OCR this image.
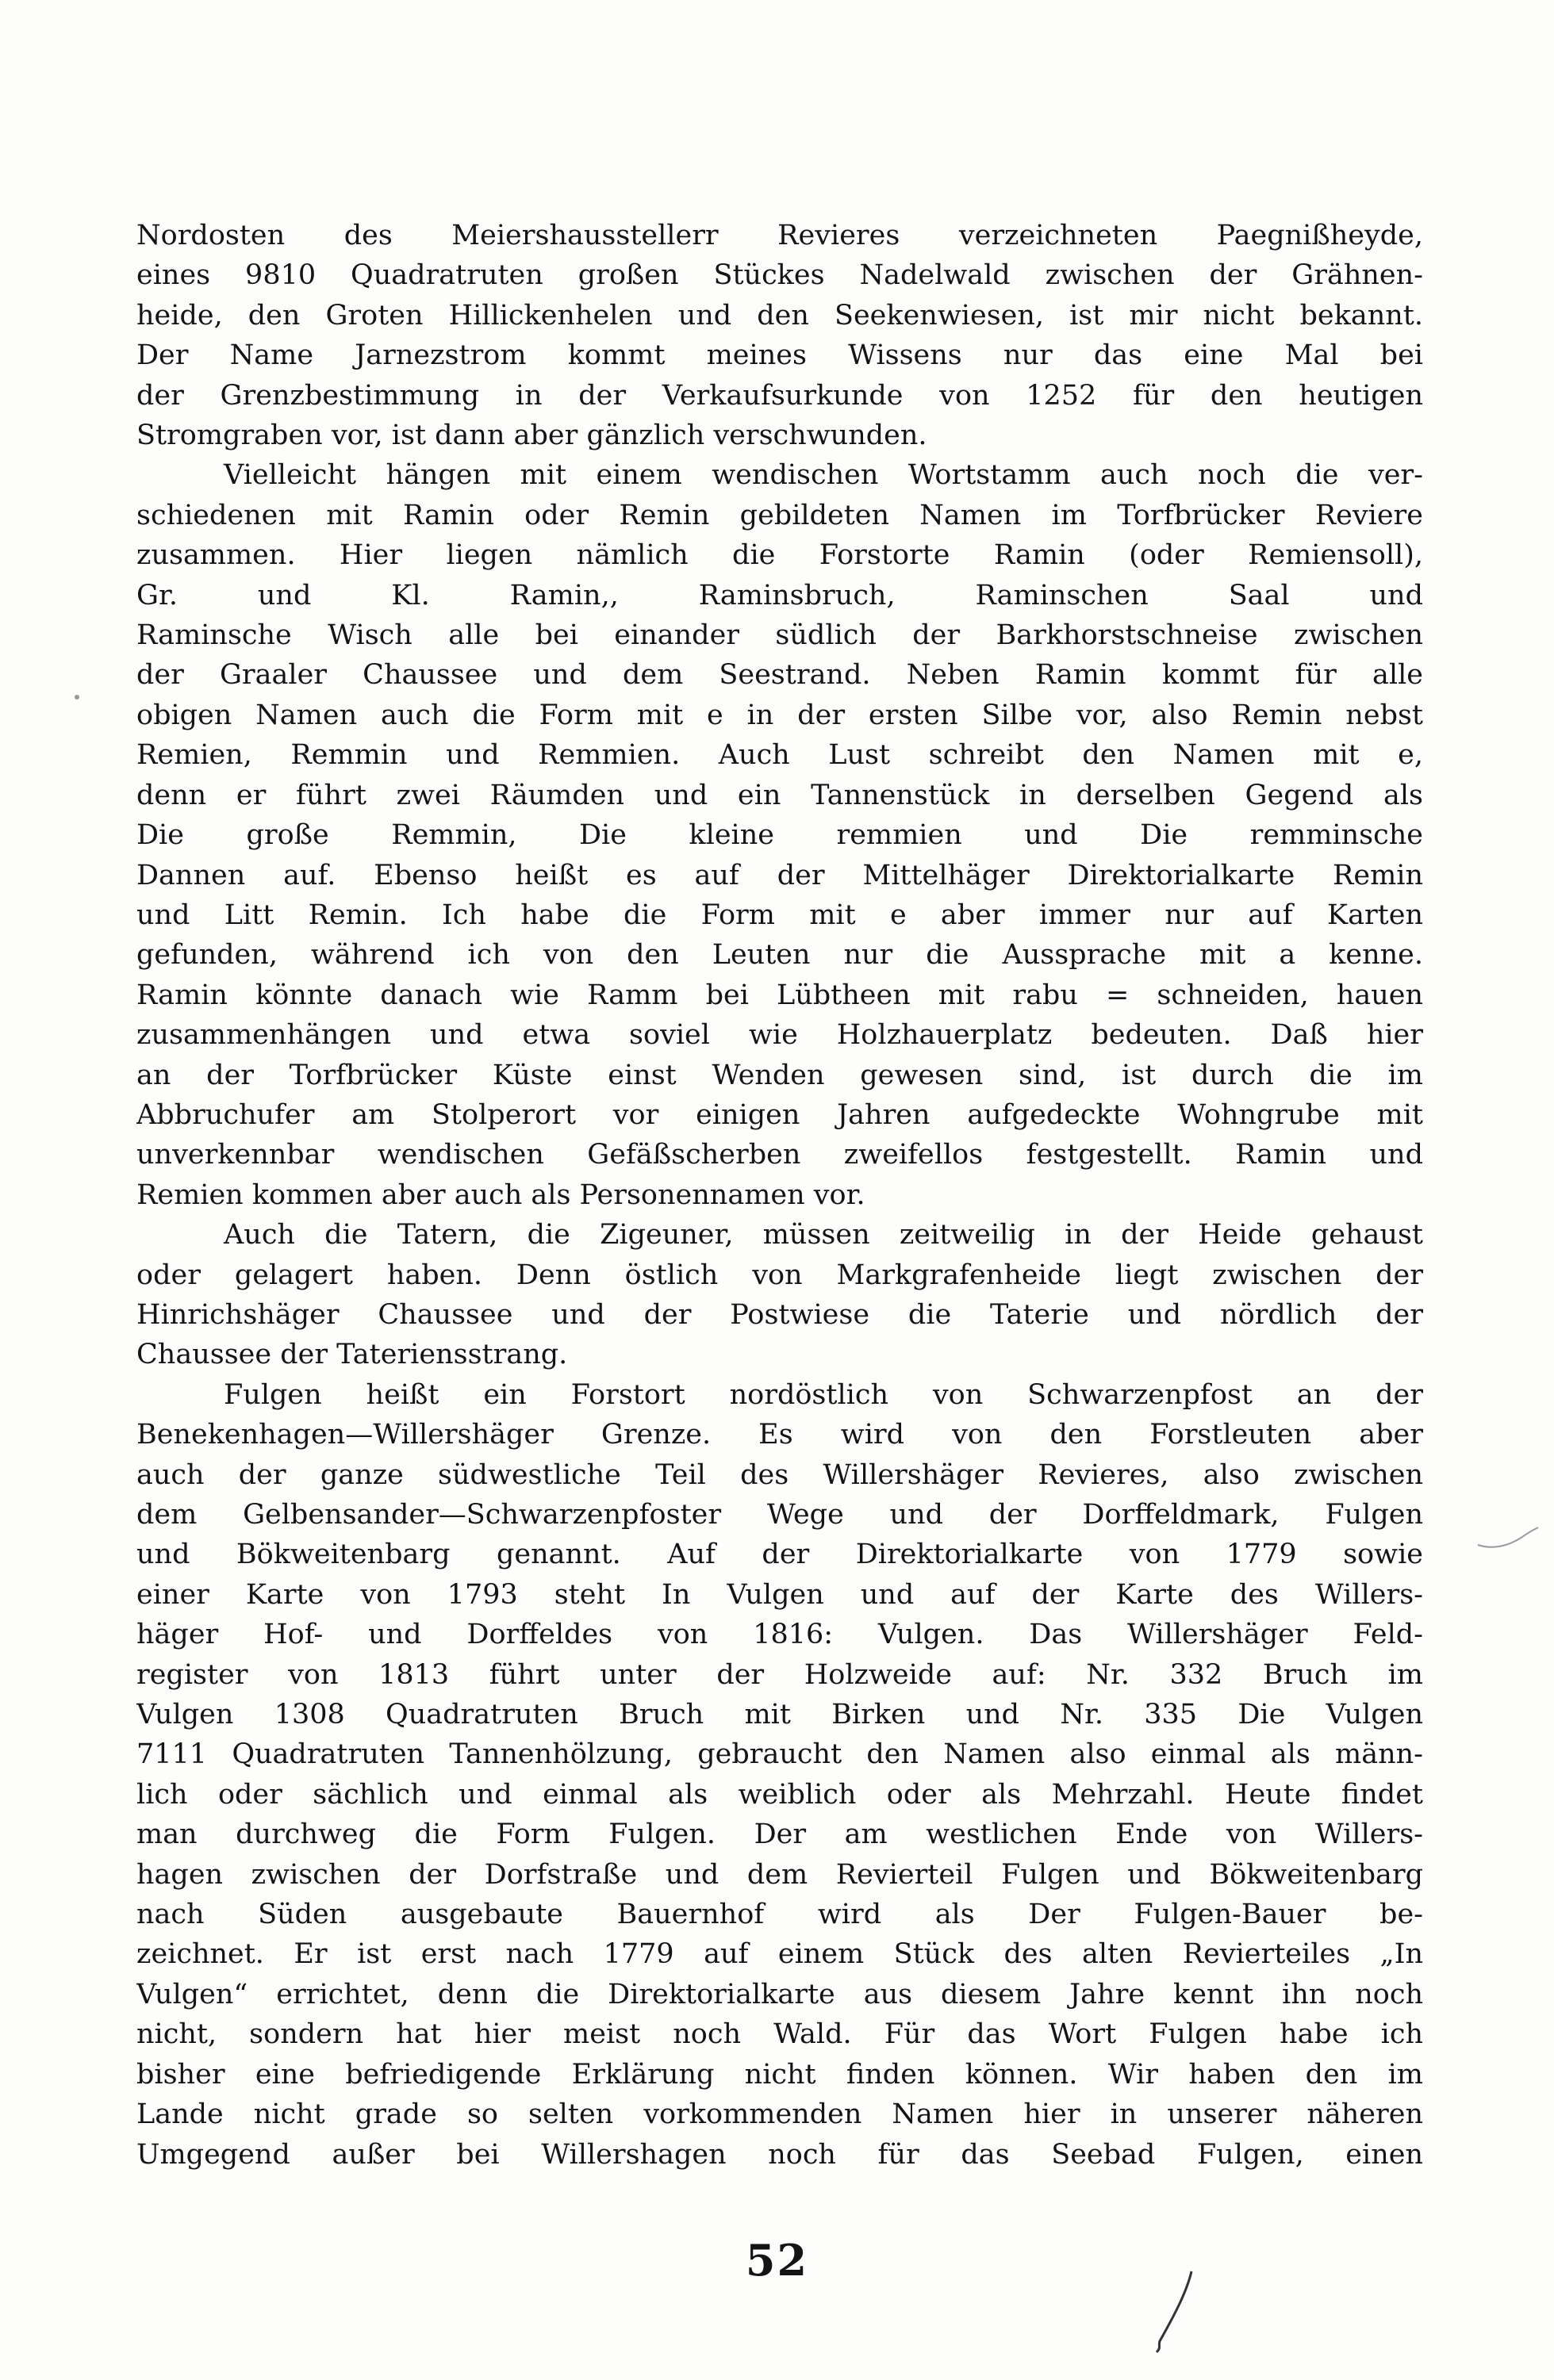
Nordosten des Meiershausstellerr Revieres verzeichneten Paegnißheyde,
eines 9810 Quadratruten großen Stückes Nadelwald zwischen der Grähnen-
heide, den Groten Hillickenhelen und den Seekenwiesen, ist mir nicht bekannt.
Der Name Jarnezstrom kommt meines Wissens nur das eine Mal bei
der Grenzbestimmung in der Verkaufsurkunde von 1252 für den heutigen
Stromgraben vor, ist dann aber gänzlich verschwunden.
Vielleicht hängen mit einem wendischen Wortstamm auch noch die ver-
schiedenen mit Ramin oder Remin gebildeten Namen im Torfbrücker Reviere
zusammen. Hier liegen nämlich die Forstorte Ramin (oder Remiensoll),
Gr. und Kl. Ramin,, Raminsbruch, Raminschen Saal und
Raminsche Wisch alle bei einander südlich der Barkhorstschneise zwischen
der Graaler Chaussee und dem Seestrand. Neben Ramin kommt für alle
obigen Namen auch die Form mit e in der ersten Silbe vor, also Remin nebst
Remien, Remmin und Remmien. Auch Lust schreibt den Namen mit e,
denn er führt zwei Räumden und ein Tannenstück in derselben Gegend als
Die große Remmin, Die kleine remmien und Die remminsche
Dannen auf. Ebenso heißt es auf der Mittelhäger Direktorialkarte Remin
und Litt Remin. Ich habe die Form mit e aber immer nur auf Karten
gefunden, während ich von den Leuten nur die Aussprache mit a kenne.
Ramin könnte danach wie Ramm bei Lübtheen mit rabu = schneiden, hauen
zusammenhängen und etwa soviel wie Holzhauerplatz bedeuten. Daß hier
an der Torfbrücker Küste einst Wenden gewesen sind, ist durch die im
Abbruchufer am Stolperort vor einigen Jahren aufgedeckte Wohngrube mit
unverkennbar wendischen Gefäßscherben zweifellos festgestellt. Ramin und
Remien kommen aber auch als Personennamen vor.
Auch die Tatern, die Zigeuner, müssen zeitweilig in der Heide gehaust
oder gelagert haben. Denn östlich von Markgrafenheide liegt zwischen der
Hinrichshäger Chaussee und der Postwiese die Taterie und nördlich der
Chaussee der Tateriensstrang.
Fulgen heißt ein Forstort nordöstlich von Schwarzenpfost an der
Benekenhagen—Willershäger Grenze. Es wird von den Forstleuten aber
auch der ganze südwestliche Teil des Willershäger Revieres, also zwischen
dem Gelbensander—Schwarzenpfoster Wege und der Dorffeldmark, Fulgen
und Bökweitenbarg genannt. Auf der Direktorialkarte von 1779 sowie
einer Karte von 1793 steht In Vulgen und auf der Karte des Willers-
häger Hof- und Dorffeldes von 1816: Vulgen. Das Willershäger Feld-
register von 1813 führt unter der Holzweide auf: Nr. 332 Bruch im
Vulgen 1308 Quadratruten Bruch mit Birken und Nr. 335 Die Vulgen
7111 Quadratruten Tannenhölzung, gebraucht den Namen also einmal als männ-
lich oder sächlich und einmal als weiblich oder als Mehrzahl. Heute findet
man durchweg die Form Fulgen. Der am westlichen Ende von Willers-
hagen zwischen der Dorfstraße und dem Revierteil Fulgen und Bökweitenbarg
nach Süden ausgebaute Bauernhof wird als Der Fulgen-Bauer be-
zeichnet. Er ist erst nach 1779 auf einem Stück des alten Revierteiles „In
Vulgen“ errichtet, denn die Direktorialkarte aus diesem Jahre kennt ihn noch
nicht, sondern hat hier meist noch Wald. Für das Wort Fulgen habe ich
bisher eine befriedigende Erklärung nicht finden können. Wir haben den im
Lande nicht grade so selten vorkommenden Namen hier in unserer näheren
Umgegend außer bei Willershagen noch für das Seebad Fulgen, einen
52
